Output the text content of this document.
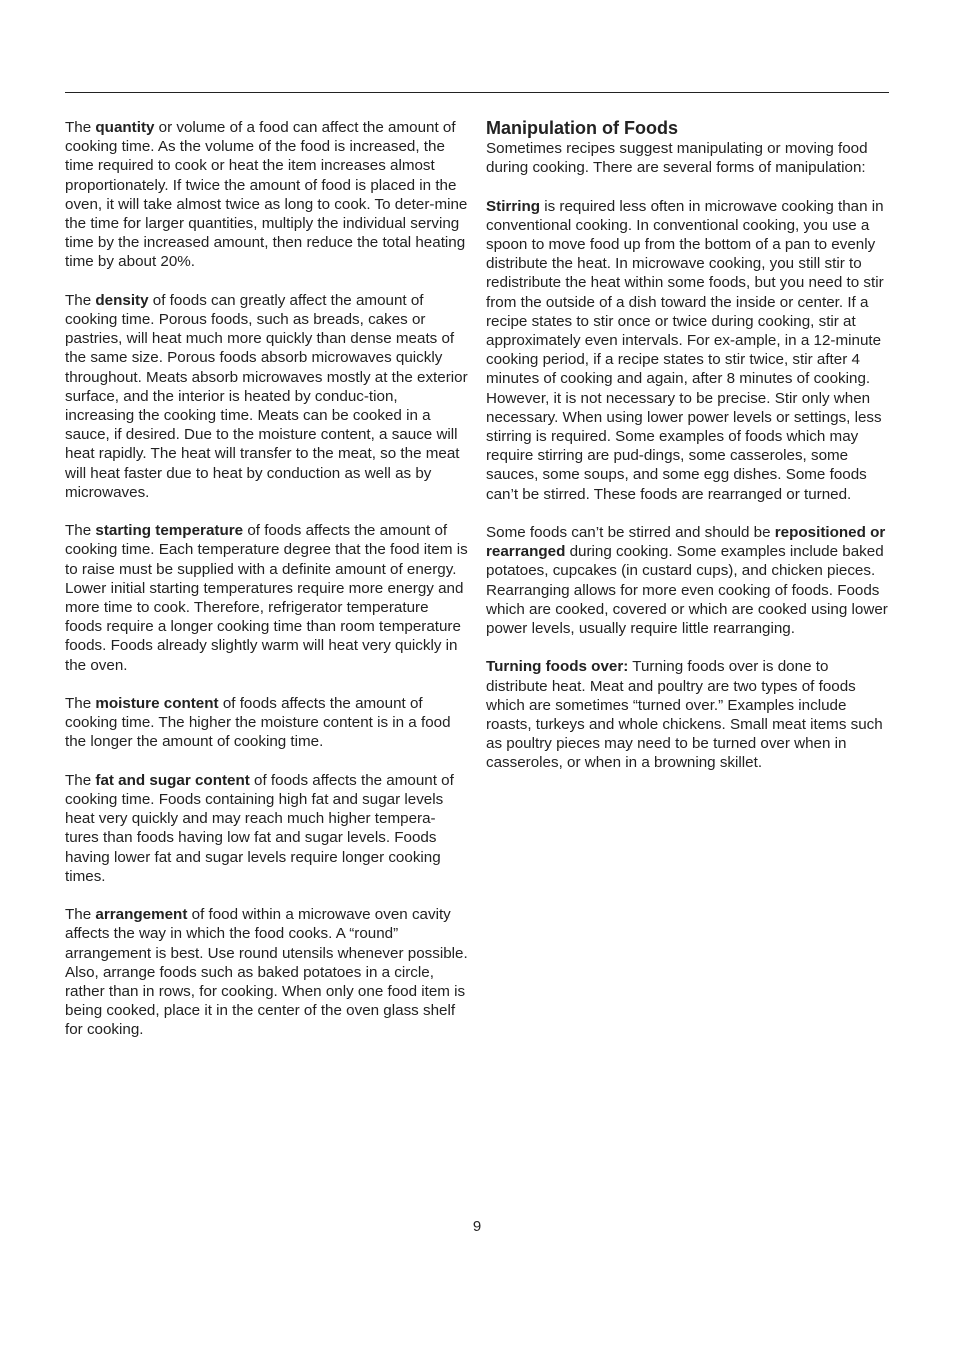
The quantity or volume of a food can affect the amount of cooking time. As the volume of the food is increased, the time required to cook or heat the item increases almost proportionately. If twice the amount of food is placed in the oven, it will take almost twice as long to cook. To deter-mine the time for larger quantities, multiply the individual serving time by the increased amount, then reduce the total heating time by about 20%.

The density of foods can greatly affect the amount of cooking time. Porous foods, such as breads, cakes or pastries, will heat much more quickly than dense meats of the same size. Porous foods absorb microwaves quickly throughout. Meats absorb microwaves mostly at the exterior surface, and the interior is heated by conduc-tion, increasing the cooking time. Meats can be cooked in a sauce, if desired. Due to the moisture content, a sauce will heat rapidly. The heat will transfer to the meat, so the meat will heat faster due to heat by conduction as well as by microwaves.

The starting temperature of foods affects the amount of cooking time. Each temperature degree that the food item is to raise must be supplied with a definite amount of energy. Lower initial starting temperatures require more energy and more time to cook. Therefore, refrigerator temperature foods require a longer cooking time than room temperature foods. Foods already slightly warm will heat very quickly in the oven.

The moisture content of foods affects the amount of cooking time. The higher the moisture content is in a food the longer the amount of cooking time.

The fat and sugar content of foods affects the amount of cooking time. Foods containing high fat and sugar levels heat very quickly and may reach much higher tempera-tures than foods having low fat and sugar levels. Foods having lower fat and sugar levels require longer cooking times.

The arrangement of food within a microwave oven cavity affects the way in which the food cooks. A “round” arrangement is best. Use round utensils whenever possible. Also, arrange foods such as baked potatoes in a circle, rather than in rows, for cooking. When only one food item is being cooked, place it in the center of the oven glass shelf for cooking.

Manipulation of Foods

Sometimes recipes suggest manipulating or moving food during cooking. There are several forms of manipulation:

Stirring is required less often in microwave cooking than in conventional cooking. In conventional cooking, you use a spoon to move food up from the bottom of a pan to evenly distribute the heat. In microwave cooking, you still stir to redistribute the heat within some foods, but you need to stir from the outside of a dish toward the inside or center. If a recipe states to stir once or twice during cooking, stir at approximately even intervals. For ex-ample, in a 12-minute cooking period, if a recipe states to stir twice, stir after 4 minutes of cooking and again, after 8 minutes of cooking. However, it is not necessary to be precise. Stir only when necessary. When using lower power levels or settings, less stirring is required. Some examples of foods which may require stirring are pud-dings, some casseroles, some sauces, some soups, and some egg dishes. Some foods can’t be stirred. These foods are rearranged or turned.

Some foods can’t be stirred and should be repositioned or rearranged during cooking. Some examples include baked potatoes, cupcakes (in custard cups), and chicken pieces. Rearranging allows for more even cooking of foods. Foods which are cooked, covered or which are cooked using lower power levels, usually require little rearranging.

Turning foods over: Turning foods over is done to distribute heat. Meat and poultry are two types of foods which are sometimes “turned over.” Examples include roasts, turkeys and whole chickens. Small meat items such as poultry pieces may need to be turned over when in casseroles, or when in a browning skillet.

9
